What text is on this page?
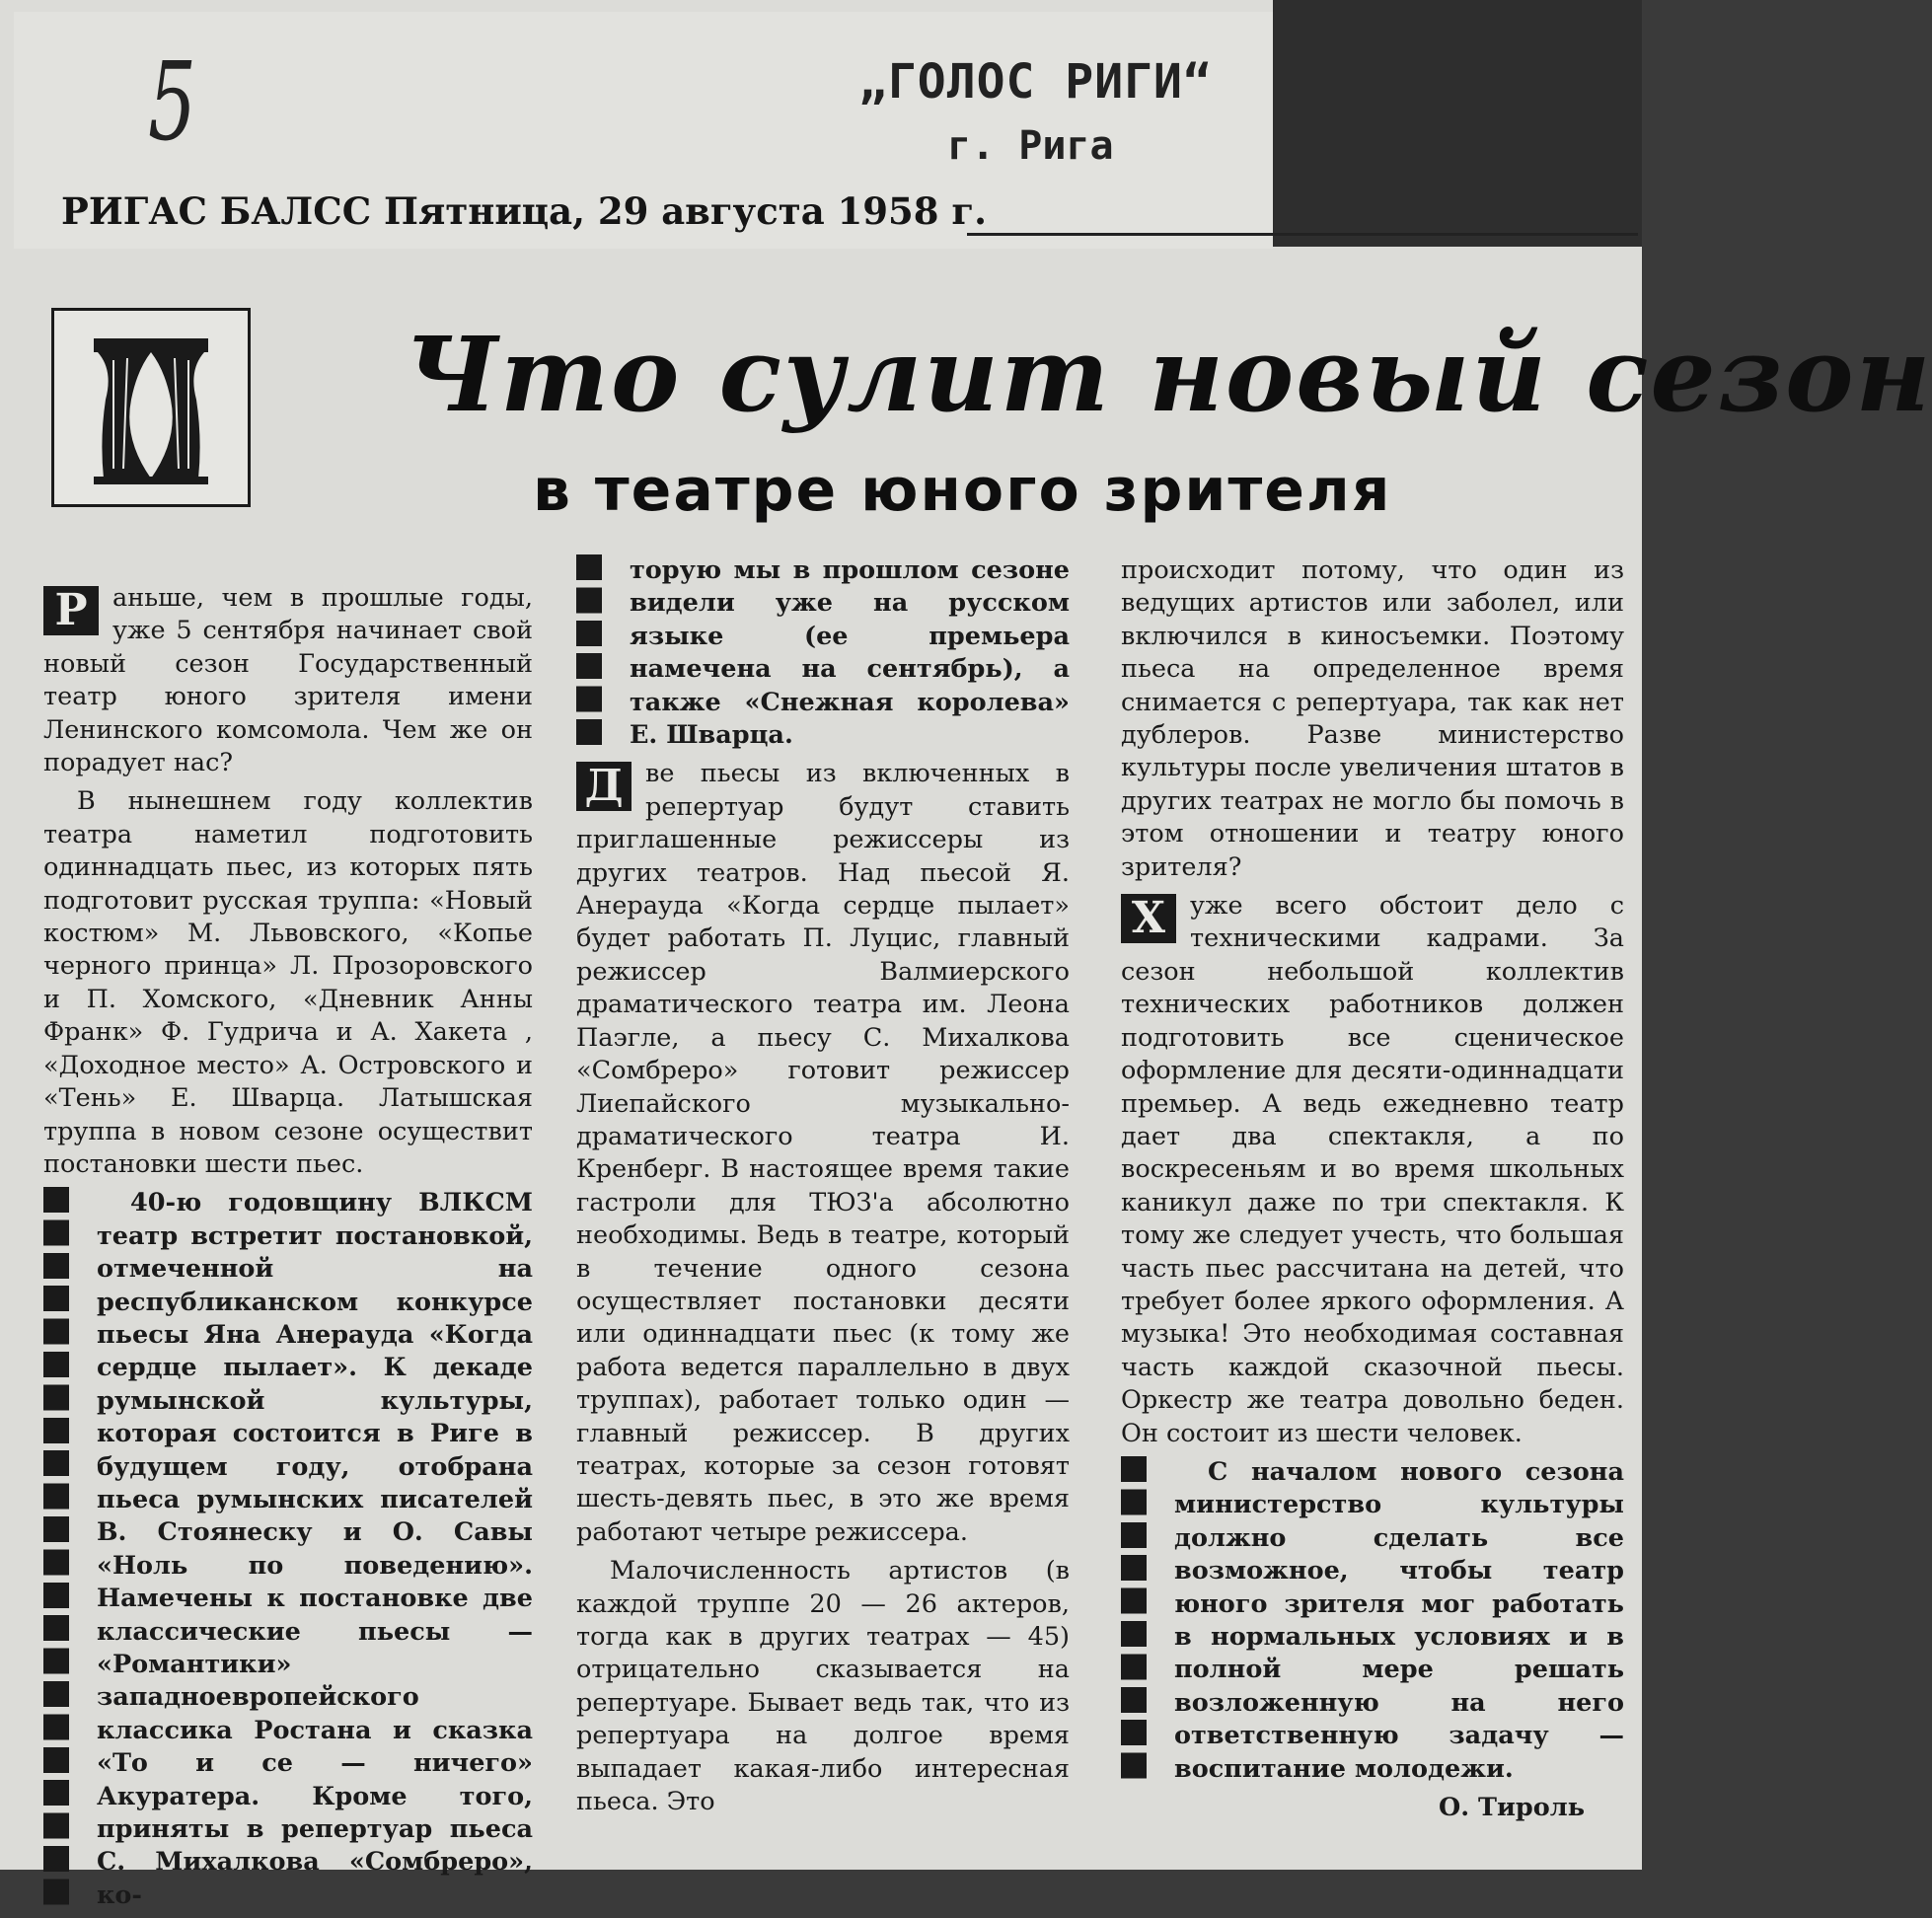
5	„ГОЛОС РИГИ“
г. Рига
РИГАС БАЛСС Пятница, 29 августа 1958 г.
Что сулит новый сезон
в театре юного зрителя

Р аньше, чем в прошлые годы, уже 5 сентября начинает свой новый сезон Государственный театр юного зрителя имени Ленинского комсомола. Чем же он порадует нас?

В нынешнем году коллектив театра наметил подготовить одиннадцать пьес, из которых пять подготовит русская труппа: «Новый костюм» М. Львовского, «Копье черного принца» Л. Прозоровского и П. Хомского, «Дневник Анны Франк» Ф. Гудрича и А. Хакета , «Доходное место» А. Островского и «Тень» Е. Шварца. Латышская труппа в новом сезоне осуществит постановки шести пьес.

40-ю годовщину ВЛКСМ театр встретит постановкой, отмеченной на республиканском конкурсе пьесы Яна Анерауда «Когда сердце пылает». К декаде румынской культуры, которая состоится в Риге в будущем году, отобрана пьеса румынских писателей В. Стоянеску и О. Савы «Ноль по поведению». Намечены к постановке две классические пьесы — «Романтики» западноевропейского классика Ростана и сказка «То и се — ничего» Акуратера. Кроме того, приняты в репертуар пьеса С. Михалкова «Сомбреро», ко-

торую мы в прошлом сезоне видели уже на русском языке (ее премьера намечена на сентябрь), а также «Снежная королева» Е. Шварца.

Д ве пьесы из включенных в репертуар будут ставить приглашенные режиссеры из других театров. Над пьесой Я. Анерауда «Когда сердце пылает» будет работать П. Луцис, главный режиссер Валмиерского драматического театра им. Леона Паэгле, а пьесу С. Михалкова «Сомбреро» готовит режиссер Лиепайского музыкально-драматического театра И. Кренберг. В настоящее время такие гастроли для ТЮЗ'а абсолютно необходимы. Ведь в театре, который в течение одного сезона осуществляет постановки десяти или одиннадцати пьес (к тому же работа ведется параллельно в двух труппах), работает только один — главный режиссер. В других театрах, которые за сезон готовят шесть-девять пьес, в это же время работают четыре режиссера.

Малочисленность артистов (в каждой труппе 20 — 26 актеров, тогда как в других театрах — 45) отрицательно сказывается на репертуаре. Бывает ведь так, что из репертуара на долгое время выпадает какая-либо интересная пьеса. Это

происходит потому, что один из ведущих артистов или заболел, или включился в киносъемки. Поэтому пьеса на определенное время снимается с репертуара, так как нет дублеров. Разве министерство культуры после увеличения штатов в других театрах не могло бы помочь в этом отношении и театру юного зрителя?

Х уже всего обстоит дело с техническими кадрами. За сезон небольшой коллектив технических работников должен подготовить все сценическое оформление для десяти-одиннадцати премьер. А ведь ежедневно театр дает два спектакля, а по воскресеньям и во время школьных каникул даже по три спектакля. К тому же следует учесть, что большая часть пьес рассчитана на детей, что требует более яркого оформления. А музыка! Это необходимая составная часть каждой сказочной пьесы. Оркестр же театра довольно беден. Он состоит из шести человек.

С началом нового сезона министерство культуры должно сделать все возможное, чтобы театр юного зрителя мог работать в нормальных условиях и в полной мере решать возложенную на него ответственную задачу — воспитание молодежи.

О. Тироль
